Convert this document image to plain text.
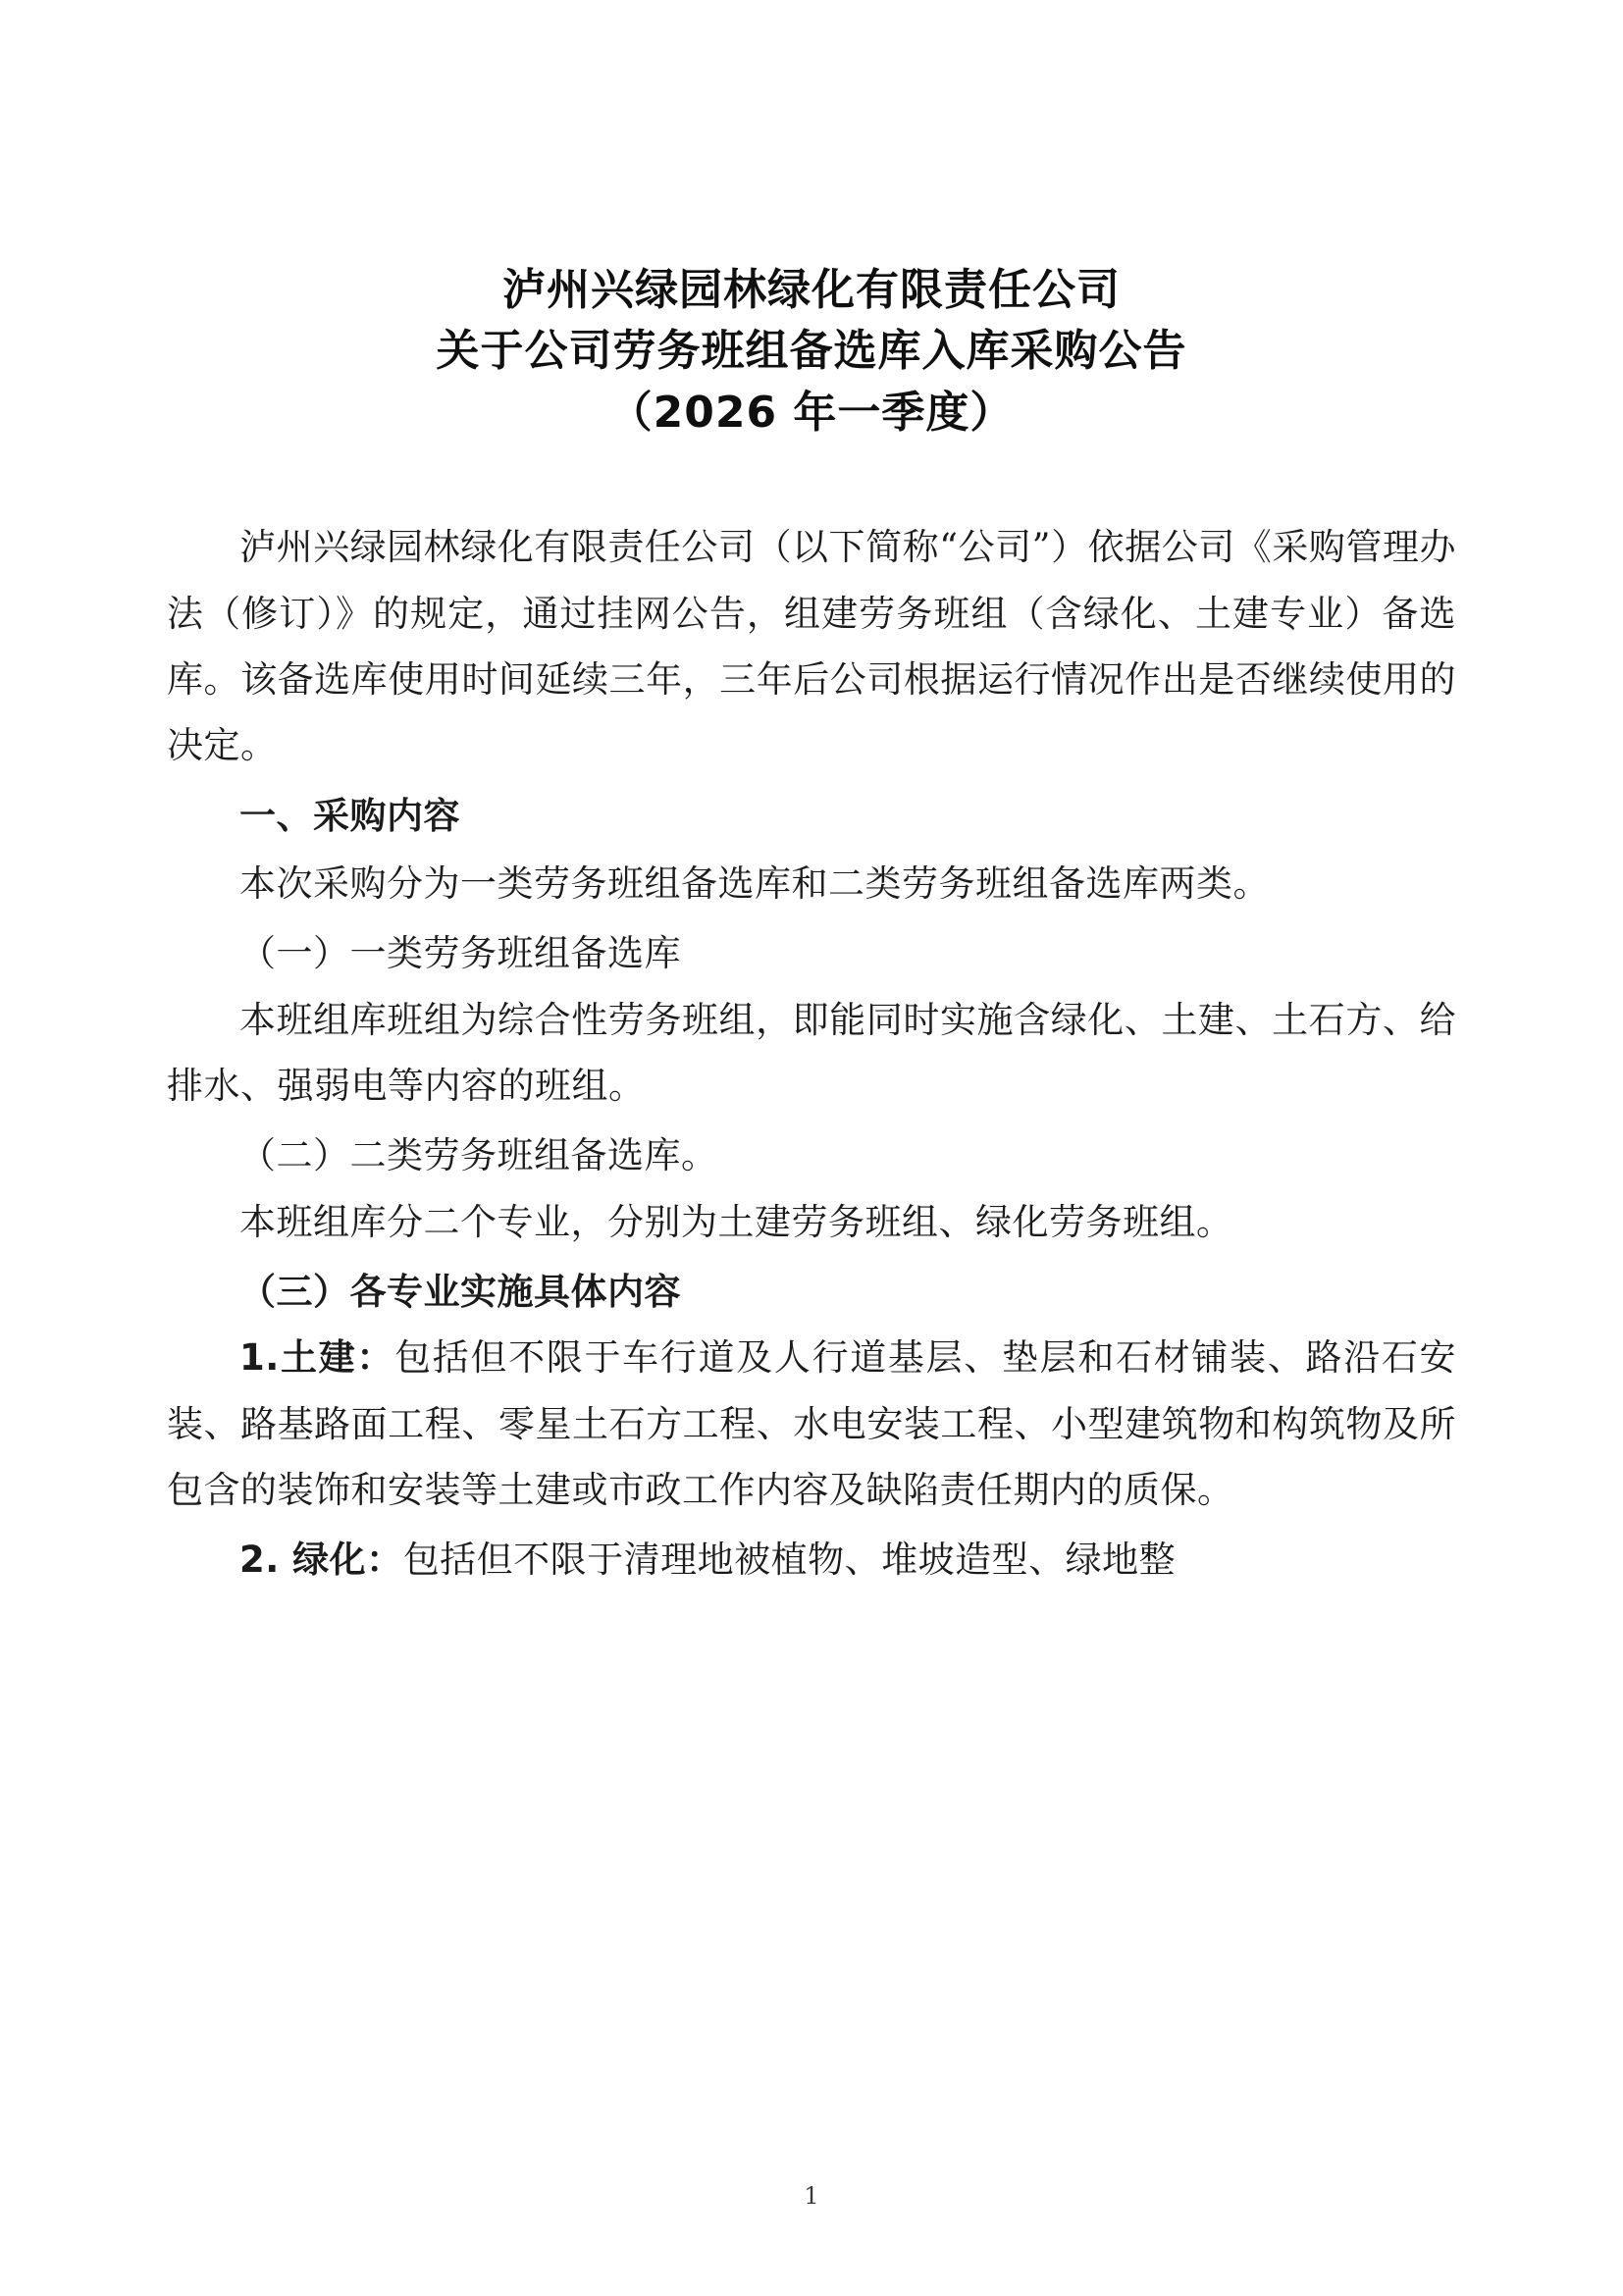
泸州兴绿园林绿化有限责任公司
关于公司劳务班组备选库入库采购公告
（2026 年一季度）

泸州兴绿园林绿化有限责任公司（以下简称“公司”）依据公司《采购管理办法（修订）》的规定，通过挂网公告，组建劳务班组（含绿化、土建专业）备选库。该备选库使用时间延续三年，三年后公司根据运行情况作出是否继续使用的决定。

一、采购内容

本次采购分为一类劳务班组备选库和二类劳务班组备选库两类。

（一）一类劳务班组备选库

本班组库班组为综合性劳务班组，即能同时实施含绿化、土建、土石方、给排水、强弱电等内容的班组。

（二）二类劳务班组备选库。

本班组库分二个专业，分别为土建劳务班组、绿化劳务班组。

（三）各专业实施具体内容

1.土建：包括但不限于车行道及人行道基层、垫层和石材铺装、路沿石安装、路基路面工程、零星土石方工程、水电安装工程、小型建筑物和构筑物及所包含的装饰和安装等土建或市政工作内容及缺陷责任期内的质保。

2. 绿化：包括但不限于清理地被植物、堆坡造型、绿地整

1
